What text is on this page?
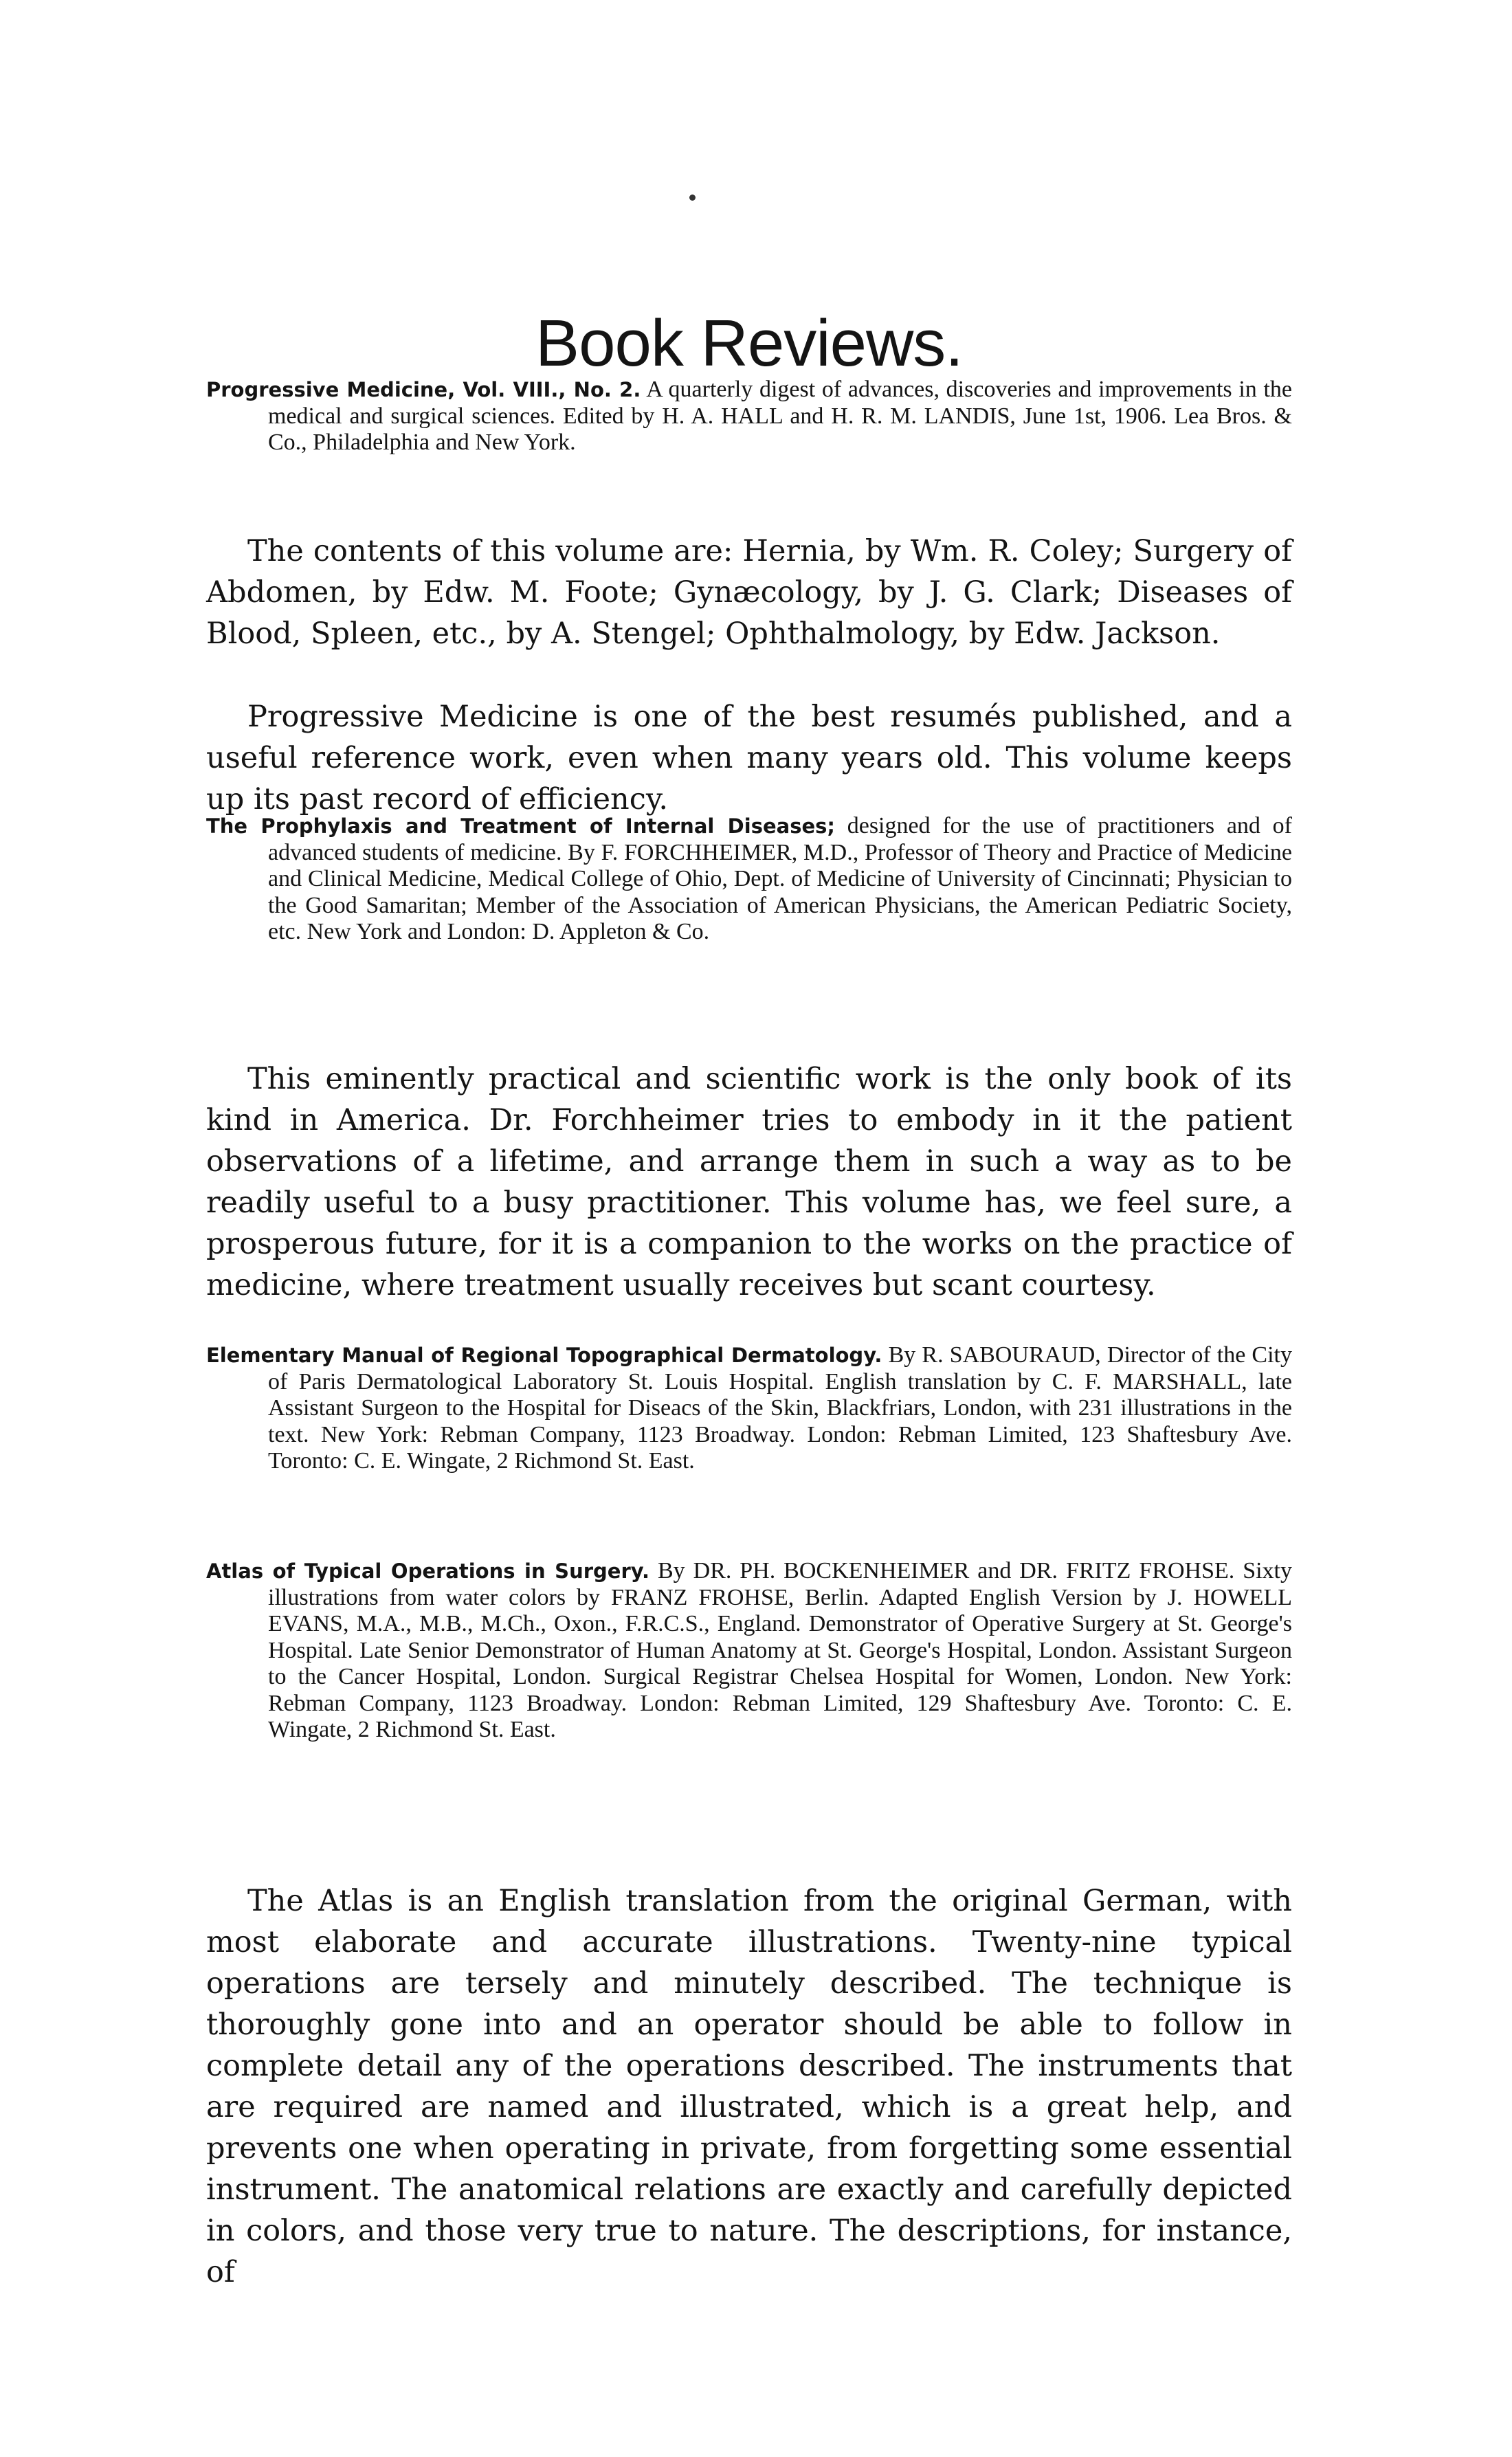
Book Reviews.
Progressive Medicine, Vol. VIII., No. 2. A quarterly digest of advances, discoveries and improvements in the medical and surgical sciences. Edited by H. A. HALL and H. R. M. LANDIS, June 1st, 1906. Lea Bros. & Co., Philadelphia and New York.

The contents of this volume are: Hernia, by Wm. R. Coley; Surgery of Abdomen, by Edw. M. Foote; Gynæcology, by J. G. Clark; Diseases of Blood, Spleen, etc., by A. Stengel; Ophthalmology, by Edw. Jackson.

Progressive Medicine is one of the best resumés published, and a useful reference work, even when many years old. This volume keeps up its past record of efficiency.

The Prophylaxis and Treatment of Internal Diseases; designed for the use of practitioners and of advanced students of medicine. By F. FORCHHEIMER, M.D., Professor of Theory and Practice of Medicine and Clinical Medicine, Medical College of Ohio, Dept. of Medicine of University of Cincinnati; Physician to the Good Samaritan; Member of the Association of American Physicians, the American Pediatric Society, etc. New York and London: D. Appleton & Co.

This eminently practical and scientific work is the only book of its kind in America. Dr. Forchheimer tries to embody in it the patient observations of a lifetime, and arrange them in such a way as to be readily useful to a busy practitioner. This volume has, we feel sure, a prosperous future, for it is a companion to the works on the practice of medicine, where treatment usually receives but scant courtesy.

Elementary Manual of Regional Topographical Dermatology. By R. SABOURAUD, Director of the City of Paris Dermatological Laboratory St. Louis Hospital. English translation by C. F. MARSHALL, late Assistant Surgeon to the Hospital for Diseacs of the Skin, Blackfriars, London, with 231 illustrations in the text. New York: Rebman Company, 1123 Broadway. London: Rebman Limited, 123 Shaftesbury Ave. Toronto: C. E. Wingate, 2 Richmond St. East.
Atlas of Typical Operations in Surgery. By DR. PH. BOCKENHEIMER and DR. FRITZ FROHSE. Sixty illustrations from water colors by FRANZ FROHSE, Berlin. Adapted English Version by J. HOWELL EVANS, M.A., M.B., M.Ch., Oxon., F.R.C.S., England. Demonstrator of Operative Surgery at St. George's Hospital. Late Senior Demonstrator of Human Anatomy at St. George's Hospital, London. Assistant Surgeon to the Cancer Hospital, London. Surgical Registrar Chelsea Hospital for Women, London. New York: Rebman Company, 1123 Broadway. London: Rebman Limited, 129 Shaftesbury Ave. Toronto: C. E. Wingate, 2 Richmond St. East.

The Atlas is an English translation from the original German, with most elaborate and accurate illustrations. Twenty-nine typical operations are tersely and minutely described. The technique is thoroughly gone into and an operator should be able to follow in complete detail any of the operations described. The instruments that are required are named and illustrated, which is a great help, and prevents one when operating in private, from forgetting some essential instrument. The anatomical relations are exactly and carefully depicted in colors, and those very true to nature. The descriptions, for instance, of
